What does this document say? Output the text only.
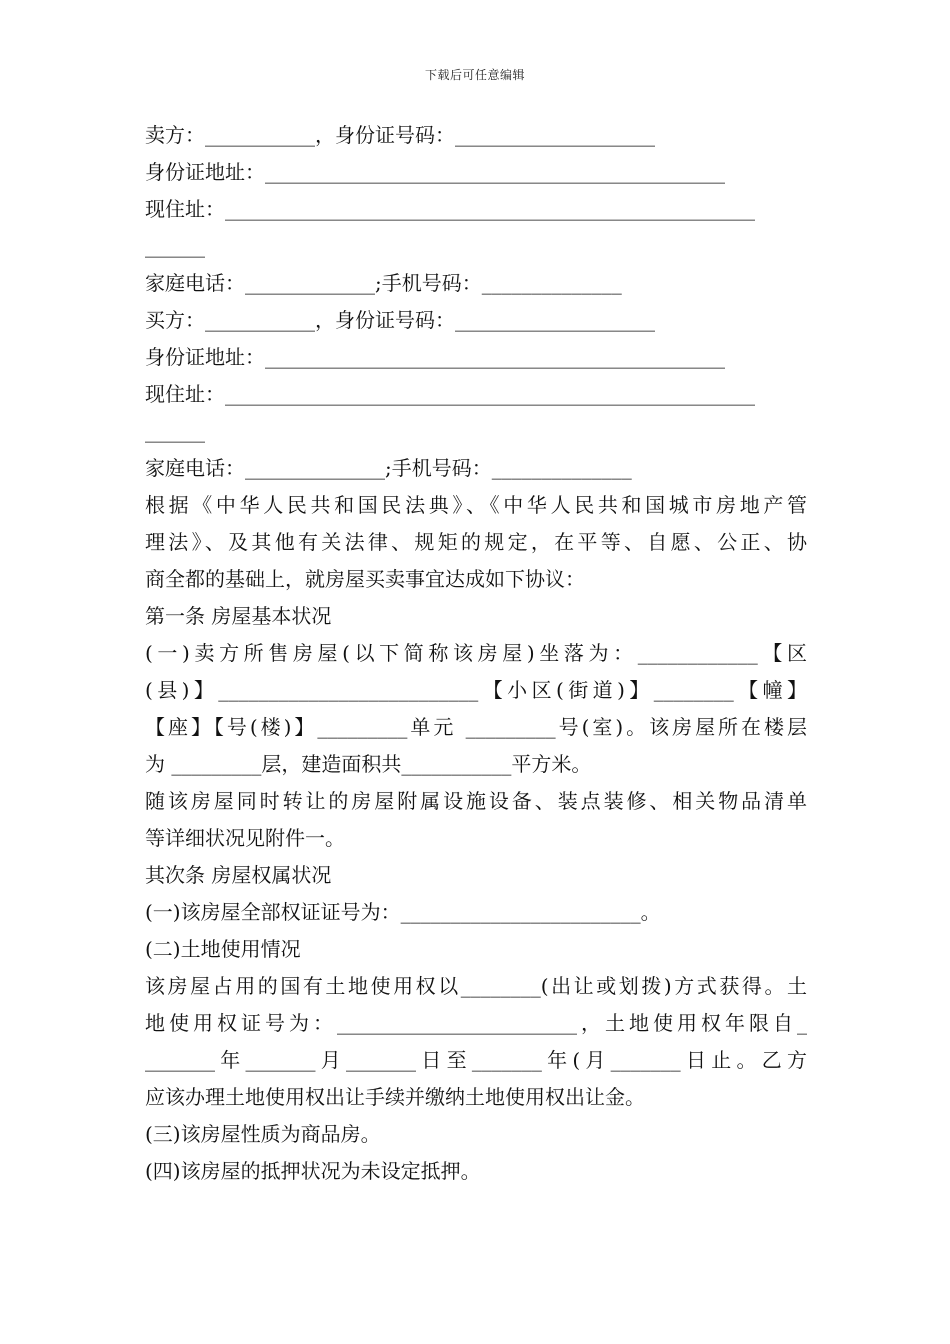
下载后可任意编辑
卖方：___________，身份证号码：____________________
身份证地址：______________________________________________
现住址：_____________________________________________________
______
家庭电话：_____________;手机号码：______________
买方：___________，身份证号码：____________________
身份证地址：______________________________________________
现住址：_____________________________________________________
______
家庭电话：______________;手机号码：______________
根据《中华人民共和国民法典》、《中华人民共和国城市房地产管
理法》、及其他有关法律、规矩的规定，在平等、自愿、公正、协
商全都的基础上，就房屋买卖事宜达成如下协议：
第一条 房屋基本状况
(一)卖方所售房屋(以下简称该房屋)坐落为：____________【区
(县)】__________________________【小区(街道)】________【幢】
【座】【号(楼)】_________单元 _________号(室)。该房屋所在楼层
为 _________层，建造面积共___________平方米。
随该房屋同时转让的房屋附属设施设备、装点装修、相关物品清单
等详细状况见附件一。
其次条 房屋权属状况
(一)该房屋全部权证证号为：________________________。
(二)土地使用情况
该房屋占用的国有土地使用权以________(出让或划拨)方式获得。土
地使用权证号为：________________________，土地使用权年限自_
_______年_______月_______日至_______年(月_______日止。乙方
应该办理土地使用权出让手续并缴纳土地使用权出让金。
(三)该房屋性质为商品房。
(四)该房屋的抵押状况为未设定抵押。
